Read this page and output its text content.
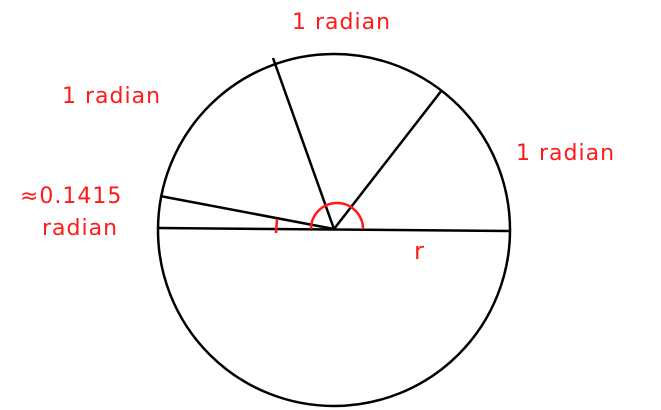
1 radian
1 radian
1 radian
≈0.1415
radian
r
